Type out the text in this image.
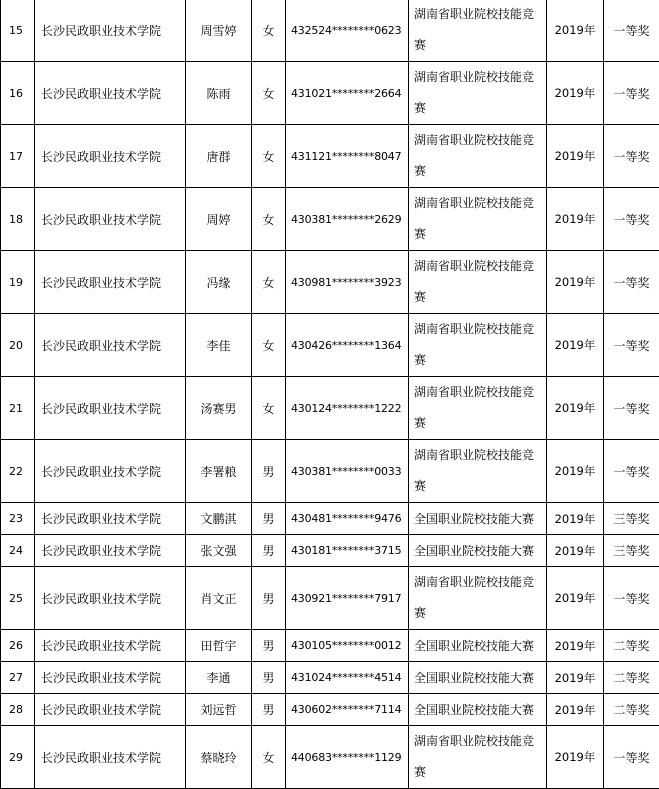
15	长沙民政职业技术学院	周雪婷	女	432524********0623	湖南省职业院校技能竞赛	2019年	一等奖
16	长沙民政职业技术学院	陈雨	女	431021********2664	湖南省职业院校技能竞赛	2019年	一等奖
17	长沙民政职业技术学院	唐群	女	431121********8047	湖南省职业院校技能竞赛	2019年	一等奖
18	长沙民政职业技术学院	周婷	女	430381********2629	湖南省职业院校技能竞赛	2019年	一等奖
19	长沙民政职业技术学院	冯缘	女	430981********3923	湖南省职业院校技能竞赛	2019年	一等奖
20	长沙民政职业技术学院	李佳	女	430426********1364	湖南省职业院校技能竞赛	2019年	一等奖
21	长沙民政职业技术学院	汤赛男	女	430124********1222	湖南省职业院校技能竞赛	2019年	一等奖
22	长沙民政职业技术学院	李署粮	男	430381********0033	湖南省职业院校技能竞赛	2019年	一等奖
23	长沙民政职业技术学院	文鹏淇	男	430481********9476	全国职业院校技能大赛	2019年	三等奖
24	长沙民政职业技术学院	张文强	男	430181********3715	全国职业院校技能大赛	2019年	三等奖
25	长沙民政职业技术学院	肖文正	男	430921********7917	湖南省职业院校技能竞赛	2019年	一等奖
26	长沙民政职业技术学院	田哲宇	男	430105********0012	全国职业院校技能大赛	2019年	二等奖
27	长沙民政职业技术学院	李通	男	431024********4514	全国职业院校技能大赛	2019年	二等奖
28	长沙民政职业技术学院	刘远哲	男	430602********7114	全国职业院校技能大赛	2019年	二等奖
29	长沙民政职业技术学院	蔡晓玲	女	440683********1129	湖南省职业院校技能竞赛	2019年	一等奖
